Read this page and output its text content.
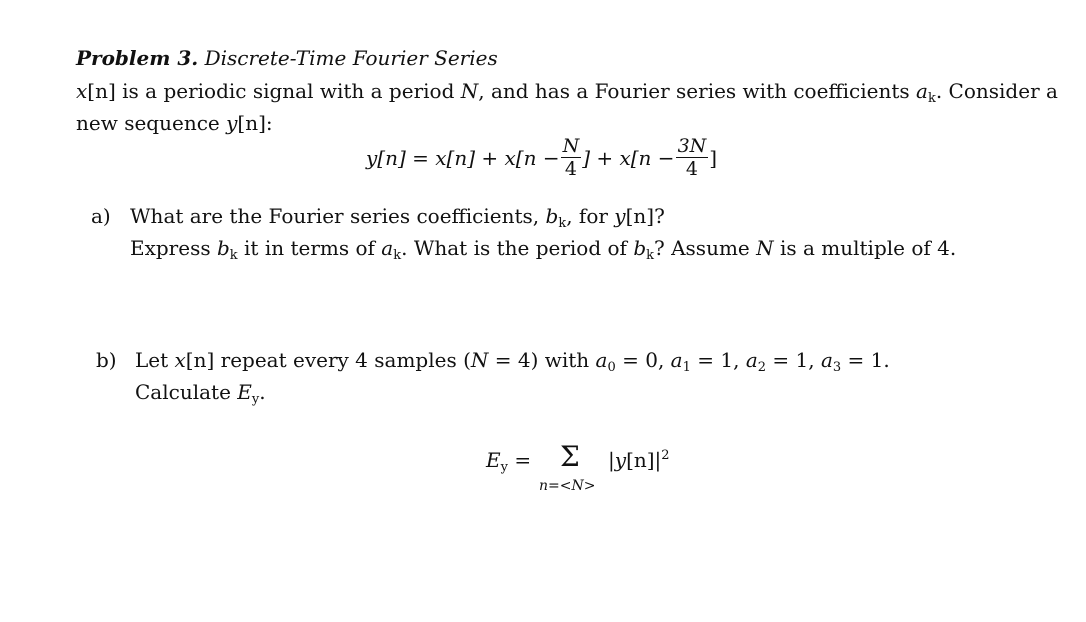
Problem 3. Discrete-Time Fourier Series
x[n] is a periodic signal with a period N, and has a Fourier series with coefficients $a_k$. Consider a
new sequence y[n]:
$y[n] = x[n] + x[n - \frac{N}{4}$ ] + $x[n - \frac{3N}{4}$ ]
a) What are the Fourier series coefficients, $b_k$, for y[n]?
Express $b_k$ it in terms of $a_k$. What is the period of $b_k$? Assume N is a multiple of 4.
b) Let x[n] repeat every 4 samples (N = 4) with $a_0 = 0$, $a_1 = 1$, $a_2 = 1$, $a_3 = 1$.
Calculate $E_y$.
$E_y = \Sigma$ $|y[n]|^2$
n=<N>
